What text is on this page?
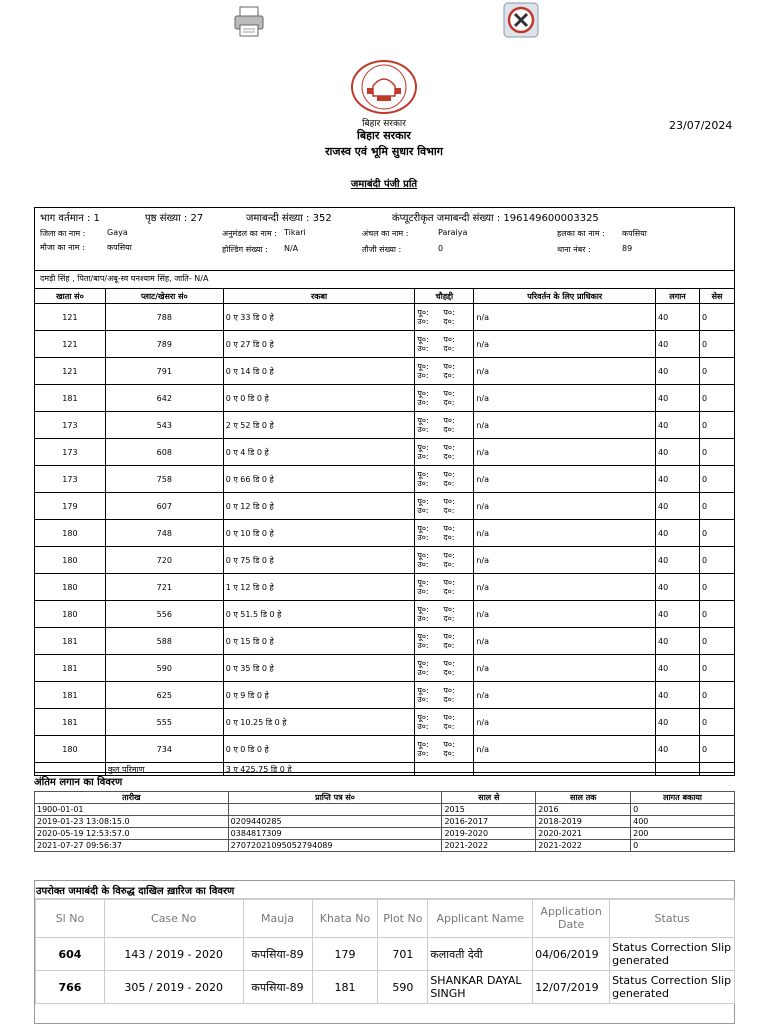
बिहार सरकार
बिहार सरकार
राजस्व एवं भूमि सुधार विभाग
23/07/2024
जमाबंदी पंजी प्रति
भाग वर्तमान : 1	पृष्ठ संख्या : 27	जमाबन्दी संख्या : 352	कंप्यूटरीकृत जमाबन्दी संख्या : 196149600003325
जिला का नाम :	Gaya	अनुमंडल का नाम : Tikari	अंचल का नाम :	Paraiya	हलका का नाम : कपसिया
मौजा का नाम :	कपसिया	होल्डिंग संख्या : N/A	तौजी संख्या :	0	थाना नंबर :	89
दमड़ी सिंह , पिता/बाप/अबू-स्व घनश्याम सिंह, जाति- N/A
खाता सं०	प्लाट/खेसरा सं०	रकबा	चौहद्दी	परिवर्तन के लिए प्राधिकार	लगान	सेस
121	788	0 ए 33 डि 0 हे	पू०: प०:
उ०: द०:	n/a	40	0
121	789	0 ए 27 डि 0 हे	पू०: प०:
उ०: द०:	n/a	40	0
121	791	0 ए 14 डि 0 हे	पू०: प०:
उ०: द०:	n/a	40	0
181	642	0 ए 0 डि 0 हे	पू०: प०:
उ०: द०:	n/a	40	0
173	543	2 ए 52 डि 0 हे	पू०: प०:
उ०: द०:	n/a	40	0
173	608	0 ए 4 डि 0 हे	पू०: प०:
उ०: द०:	n/a	40	0
173	758	0 ए 66 डि 0 हे	पू०: प०:
उ०: द०:	n/a	40	0
179	607	0 ए 12 डि 0 हे	पू०: प०:
उ०: द०:	n/a	40	0
180	748	0 ए 10 डि 0 हे	पू०: प०:
उ०: द०:	n/a	40	0
180	720	0 ए 75 डि 0 हे	पू०: प०:
उ०: द०:	n/a	40	0
180	721	1 ए 12 डि 0 हे	पू०: प०:
उ०: द०:	n/a	40	0
180	556	0 ए 51.5 डि 0 हे	पू०: प०:
उ०: द०:	n/a	40	0
181	588	0 ए 15 डि 0 हे	पू०: प०:
उ०: द०:	n/a	40	0
181	590	0 ए 35 डि 0 हे	पू०: प०:
उ०: द०:	n/a	40	0
181	625	0 ए 9 डि 0 हे	पू०: प०:
उ०: द०:	n/a	40	0
181	555	0 ए 10.25 डि 0 हे	पू०: प०:
उ०: द०:	n/a	40	0
180	734	0 ए 0 डि 0 हे	पू०: प०:
उ०: द०:	n/a	40	0
	कुल परिमाण	3 ए 425.75 डि 0 हे				
अंतिम लगान का विवरण
तारीख	प्राप्ति पत्र सं०	साल से	साल तक	लागत बकाया
1900-01-01		2015	2016	0
2019-01-23 13:08:15.0	0209440285	2016-2017	2018-2019	400
2020-05-19 12:53:57.0	0384817309	2019-2020	2020-2021	200
2021-07-27 09:56:37	27072021095052794089	2021-2022	2021-2022	0
उपरोक्त जमाबंदी के विरुद्ध दाखिल ख़ारिज का विवरण
Sl No	Case No	Mauja	Khata No	Plot No	Applicant Name	Application Date	Status
604	143 / 2019 - 2020	कपसिया-89	179	701	कलावती देवी	04/06/2019	Status Correction Slip generated
766	305 / 2019 - 2020	कपसिया-89	181	590	SHANKAR DAYAL SINGH	12/07/2019	Status Correction Slip generated
